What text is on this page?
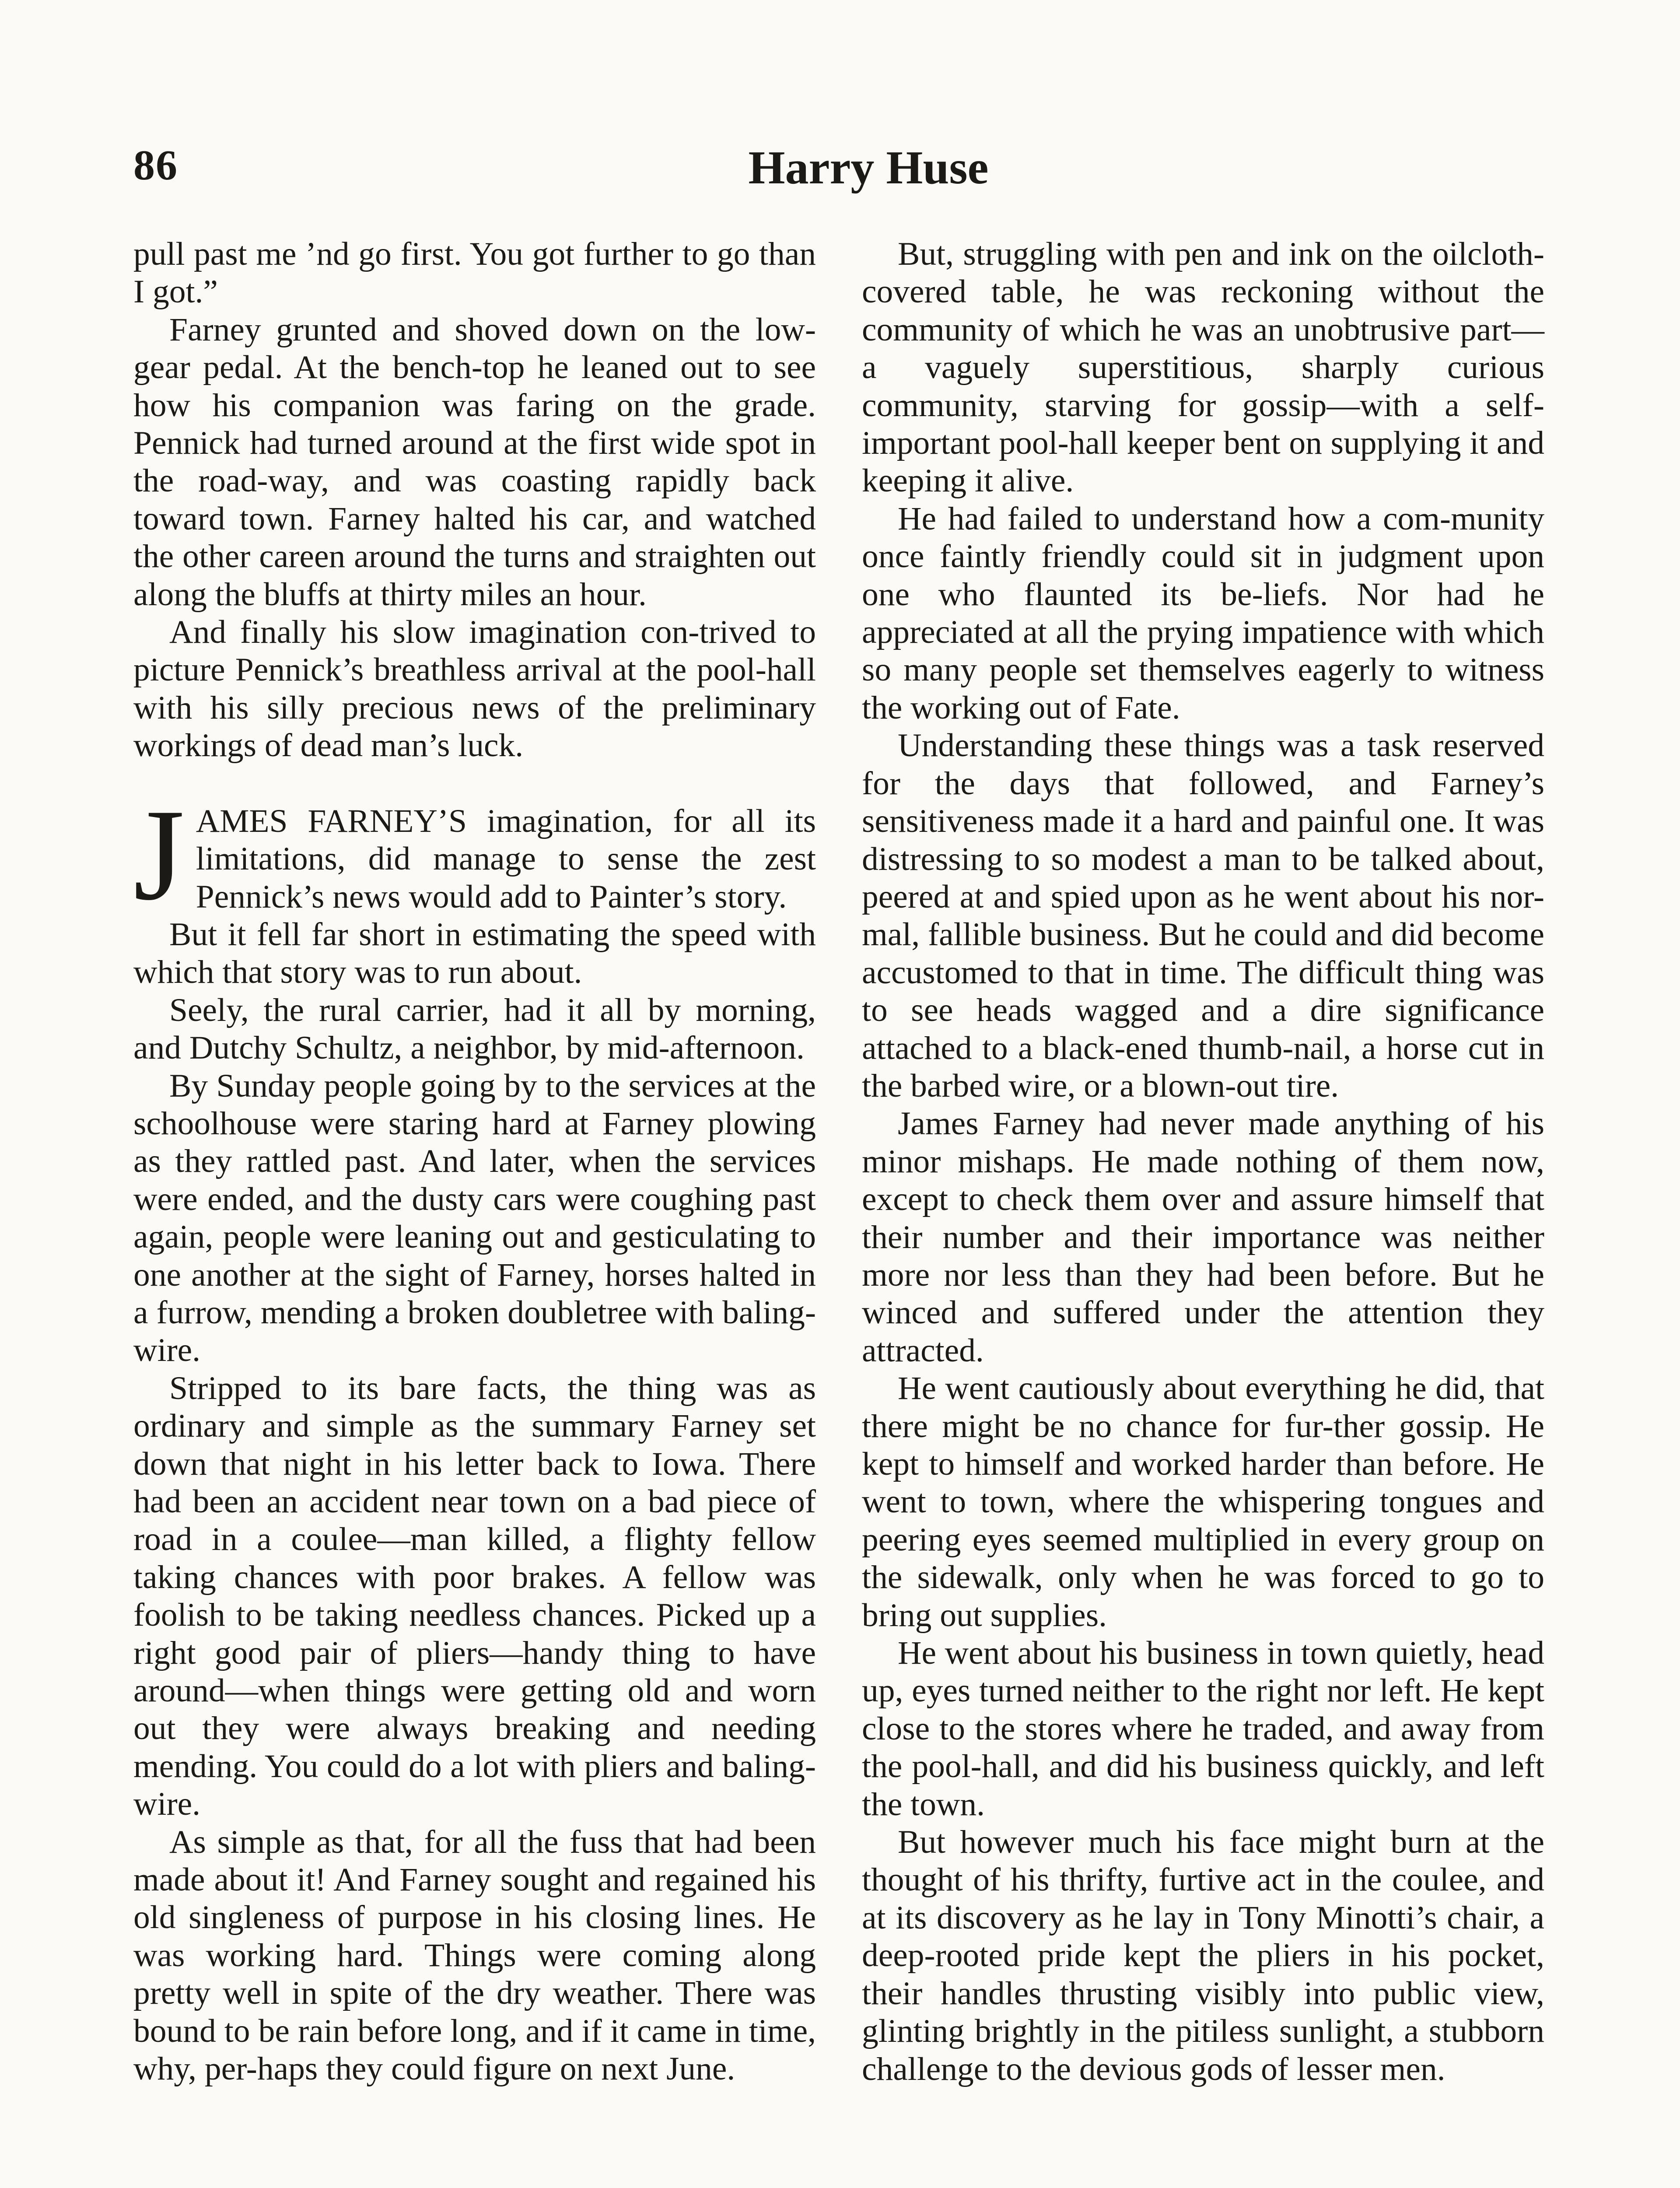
86	Harry Huse

pull past me ’nd go first. You got further to go than I got.”

Farney grunted and shoved down on the low-gear pedal. At the bench-top he leaned out to see how his companion was faring on the grade. Pennick had turned around at the first wide spot in the road-way, and was coasting rapidly back toward town. Farney halted his car, and watched the other careen around the turns and straighten out along the bluffs at thirty miles an hour.

And finally his slow imagination con-trived to picture Pennick’s breathless arrival at the pool-hall with his silly precious news of the preliminary workings of dead man’s luck.

JAMES FARNEY’S imagination, for all its limitations, did manage to sense the zest Pennick’s news would add to Painter’s story.

But it fell far short in estimating the speed with which that story was to run about.

Seely, the rural carrier, had it all by morning, and Dutchy Schultz, a neighbor, by mid-afternoon.

By Sunday people going by to the services at the schoolhouse were staring hard at Farney plowing as they rattled past. And later, when the services were ended, and the dusty cars were coughing past again, people were leaning out and gesticulating to one another at the sight of Farney, horses halted in a furrow, mending a broken doubletree with baling-wire.

Stripped to its bare facts, the thing was as ordinary and simple as the summary Farney set down that night in his letter back to Iowa. There had been an accident near town on a bad piece of road in a coulee—man killed, a flighty fellow taking chances with poor brakes. A fellow was foolish to be taking needless chances. Picked up a right good pair of pliers—handy thing to have around—when things were getting old and worn out they were always breaking and needing mending. You could do a lot with pliers and baling-wire.

As simple as that, for all the fuss that had been made about it! And Farney sought and regained his old singleness of purpose in his closing lines. He was working hard. Things were coming along pretty well in spite of the dry weather. There was bound to be rain before long, and if it came in time, why, per-haps they could figure on next June.

But, struggling with pen and ink on the oilcloth-covered table, he was reckoning without the community of which he was an unobtrusive part—a vaguely superstitious, sharply curious community, starving for gossip—with a self-important pool-hall keeper bent on supplying it and keeping it alive.

He had failed to understand how a com-munity once faintly friendly could sit in judgment upon one who flaunted its be-liefs. Nor had he appreciated at all the prying impatience with which so many people set themselves eagerly to witness the working out of Fate.

Understanding these things was a task reserved for the days that followed, and Farney’s sensitiveness made it a hard and painful one. It was distressing to so modest a man to be talked about, peered at and spied upon as he went about his nor-mal, fallible business. But he could and did become accustomed to that in time. The difficult thing was to see heads wagged and a dire significance attached to a black-ened thumb-nail, a horse cut in the barbed wire, or a blown-out tire.

James Farney had never made anything of his minor mishaps. He made nothing of them now, except to check them over and assure himself that their number and their importance was neither more nor less than they had been before. But he winced and suffered under the attention they attracted.

He went cautiously about everything he did, that there might be no chance for fur-ther gossip. He kept to himself and worked harder than before. He went to town, where the whispering tongues and peering eyes seemed multiplied in every group on the sidewalk, only when he was forced to go to bring out supplies.

He went about his business in town quietly, head up, eyes turned neither to the right nor left. He kept close to the stores where he traded, and away from the pool-hall, and did his business quickly, and left the town.

But however much his face might burn at the thought of his thrifty, furtive act in the coulee, and at its discovery as he lay in Tony Minotti’s chair, a deep-rooted pride kept the pliers in his pocket, their handles thrusting visibly into public view, glinting brightly in the pitiless sunlight, a stubborn challenge to the devious gods of lesser men.
